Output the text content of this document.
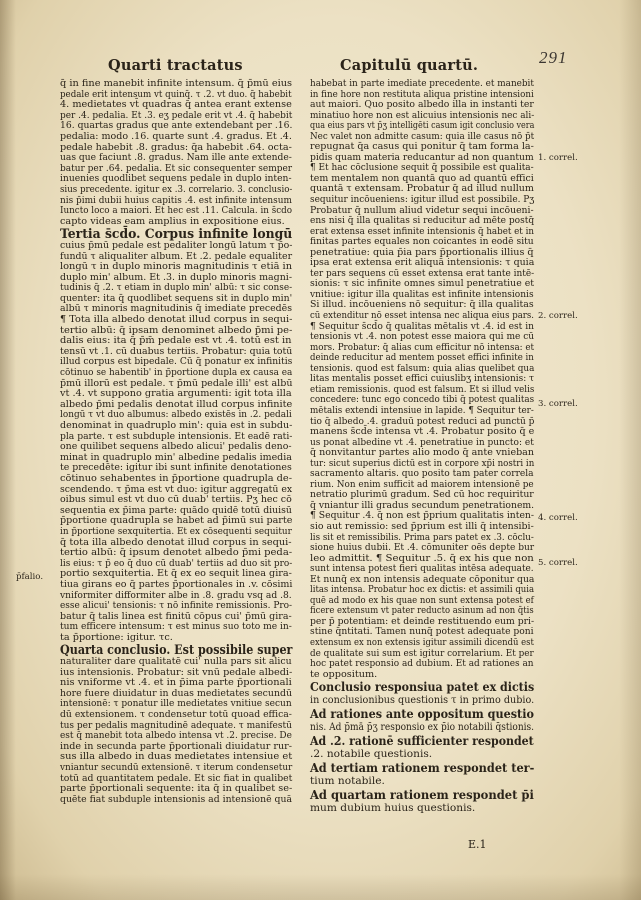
291
Quarti tractatus	Capitulū quartū.
p̄falio.
1. correl.
2. correl.
3. correl.
4. correl.
5. correl.
q̄ in fine manebit infinite intensum. q̄ p̄mū eius
pedale erit intensum vt quinq̄. τ .2. vt duo. q̄ habebit
4. medietates vt̄ quadras q̄ antea erant extense
per .4. pedalia. Et .3. eʒ pedale erit vt .4. q̄ habebit
16. quartas gradus que ante extendebant per .16.
pedalia: modo .16. quarte sunt .4. gradus. Et .4.
pedale habebit .8. gradus: q̄a habebit .64. octa-
uas que faciunt .8. gradus. Nam ille ante extende-
batur per .64. pedalia. Et sic consequenter semper
inuenies quodlibet sequens pedale in duplo inten-
sius precedente. igitur ex .3. correlario. 3. conclusio-
nis p̄imi dubii huius capitis .4. est infinite intensum
Iuncto loco a maiori. Et hec est .11. Calcula. in s̄cdo
capto videas eam amplius in expositione eius.
Tertia s̄cd̄o. Corpus infinite longū
cuius p̄mū pedale est pedaliter longū latum τ p̄o-
fundū τ aliqualiter album. Et .2. pedale equaliter
longū τ in duplo minoris magnitudinis τ etiā in
duplo min' album. Et .3. in duplo minoris magni-
tudinis q̄ .2. τ etiam in duplo min' albū: τ sic conse-
quenter: ita q̄ quodlibet sequens sit in duplo min'
albū τ minoris magnitudinis q̄ imediate precedēs
¶ Tota illa albedo denotat illud corpus in sequi-
tertio albū: q̄ ipsam denominet albedo p̄mi pe-
dalis eius: ita q̄ p̄m̄ pedale est vt .4. totū est in
tensū vt .1. cū duabus tertiis. Probatur: quia totū
illud corpus est bipedale. Cū q̄ ponatur ex infinitis
cōtinuo se habentib' in p̄portione dupla ex causa ea
p̄mū illorū est pedale. τ p̄mū pedale illi' est albū
vt .4. vt suppono gratia argumenti: igit tota illa
albedo p̄mi pedalis denotat illud corpus infinite
longū τ vt duo albumus: albedo existēs in .2. pedali
denominat in quadruplo min': quia est in subdu-
pla parte. τ est subduple intensionis. Et eadē rati-
one quilibet sequens albedo alicui' pedalis deno-
minat in quadruplo min' albedine pedalis imedia
te precedēte: igitur ibi sunt infinite denotationes
cōtinuo sehabentes in p̄portione quadrupla de-
scendendo. τ p̄ma est vt duo: igitur aggregatū ex
oibus simul est vt duo cū duab' tertiis. Pʒ hec cō
sequentia ex p̄ima parte: quādo quidē totū diuisū
p̄portione quadrupla se habet ad p̄imū sui parte
in p̄portione sexquitertia. Et ex cōsequenti sequitur
q̄ tota illa albedo denotat illud corpus in sequi-
tertio albū: q̄ ipsum denotet albedo p̄mi peda-
lis eius: τ p̄ eo q̄ duo cū duab' tertiis ad duo sit pro-
portio sexquitertia. Et q̄ ex eo sequit linea gira-
tiua girans eo q̄ partes p̄portionales in .v. cōsimi
vniformiter difformiter albe in .8. gradu vsq ad .8.
esse alicui' tensionis: τ nō infinite remissionis. Pro-
batur q̄ talis linea est finitū cōpus cui' p̄mū gira-
tum efficere intensum: τ est minus suo toto me in-
ta p̄portione: igitur. τc.
Quarta conclusio. Est possibile super
naturaliter dare qualitatē cui' nulla pars sit alicu
ius intensionis. Probatur: sit vnū pedale albedi-
nis vniforme vt .4. et in p̄ima parte p̄portionali
hore fuere diuidatur in duas medietates secundū
intensionē: τ ponatur ille medietates vnitiue secun
dū extensionem. τ condensetur totū quoad effica-
tus per pedalis magnitudinē adequate. τ manifestū
est q̄ manebit tota albedo intensa vt .2. precise. De
inde in secunda parte p̄portionali diuidatur rur-
sus illa albedo in duas medietates intensiue et
vniantur secundū extensionē. τ iterum condensetur
totū ad quantitatem pedale. Et sic fiat in qualibet
parte p̄portionali sequente: ita q̄ in qualibet se-
quēte fiat subduple intensionis ad intensionē quā
habebat in parte imediate precedente. et manebit
in fine hore non restituta aliqua pristine intensioni
aut maiori. Quo posito albedo illa in instanti ter
minatiuo hore non est alicuius intensionis nec ali-
qua eius pars vt p̄ʒ intelligēti casum igit conclusio vera
Nec valet non admitte casum: quia ille casus nō p̄t
repugnat q̄a casus qui ponitur q̄ tam forma la-
pidis quam materia reducantur ad non quantum
¶ Et hac cōclusione sequit q̄ possibile est qualita-
tem mentalem non quantā quo ad quantū effici
quantā τ extensam. Probatur q̄ ad illud nullum
sequitur incōueniens: igitur illud est possibile. Pʒ
Probatur q̄ nullum aliud videtur sequi incōueni-
ens nisi q̄ illa qualitas si reducitur ad mēte postq̄
erat extensa esset infinite intensionis q̄ habet et in
finitas partes equales non coicantes in eodē situ
penetratiue: quia p̄ia pars p̄portionalis illius q̄
ipsa erat extensa erit aliquā intensionis: τ quia
ter pars sequens cū esset extensa erat tante intē-
sionis: τ sic infinite omnes simul penetratiue et
vnitiue: igitur illa qualitas est infinite intensionis
Si illud. incōueniens nō sequitur: q̄ illa qualitas
cū extenditur nō esset intensa nec aliqua eius pars.
¶ Sequitur s̄cd̄o q̄ qualitas mētalis vt .4. id est in
tensionis vt .4. non potest esse maiora qui me cū
mors. Probatur: q̄ alias cum efficitur nō intensa: et
deinde reducitur ad mentem posset effici infinite in
tensionis. quod est falsum: quia alias quelibet qua
litas mentalis posset effici cuiuslibʒ intensionis: τ
etiam remissionis. quod est falsum. Et si illud velis
concedere: tunc ego concedo tibi q̄ potest qualitas
mētalis extendi intensiue in lapide. ¶ Sequitur ter-
tio q̄ albedo .4. graduū potest reduci ad punctū p̄
manens s̄cd̄e intensa vt .4. Probatur posito q̄ e
us ponat albedine vt .4. penetratiue in puncto: et
q̄ nonvitantur partes alio modo q̄ ante vnieban
tur: sicut superius dictū est in corpore xp̄i nostri in
sacramento altaris. quo posito tam pater correla
rium. Non enim sufficit ad maiorem intensionē pe
netratio plurimū gradum. Sed cū hoc requiritur
q̄ vniantur illi gradus secundum penetrationem.
¶ Sequitur .4. q̄ non est p̄prium qualitatis inten-
sio aut remissio: sed p̄prium est illi q̄ intensibi-
lis sit et remissibilis. Prima pars patet ex .3. cōclu-
sione huius dubii. Et .4. cōmuniter oēs depte bur
leo admittit. ¶ Sequitur .5. q̄ ex his que non
sunt intensa potest fieri qualitas intēsa adequate.
Et nunq̄ ex non intensis adequate cōponitur qua
litas intensa. Probatur hoc ex dictis: et assimili quia
quē ad modo ex his quae non sunt extensa potest ef
ficere extensum vt pater reducto asinum ad non q̄tis
per p̄ potentiam: et deinde restituendo eum pri-
stine q̄ntitati. Tamen nunq̄ potest adequate poni
extensum ex non extensis igitur assimili dicendū est
de qualitate sui sum est igitur correlarium. Et per
hoc patet responsio ad dubium. Et ad rationes an
te oppositum.
Conclusio responsiua patet ex dictis
in conclusionibus questionis τ in primo dubio.
Ad rationes ante oppositum questio
nis. Ad p̄mā p̄ʒ responsio ex p̄io notabili q̄stionis.
Ad .2. rationē sufficienter respondet
.2. notabile questionis.
Ad tertiam rationem respondet ter-
tium notabile.
Ad quartam rationem respondet p̄i
mum dubium huius questionis.
E.1
